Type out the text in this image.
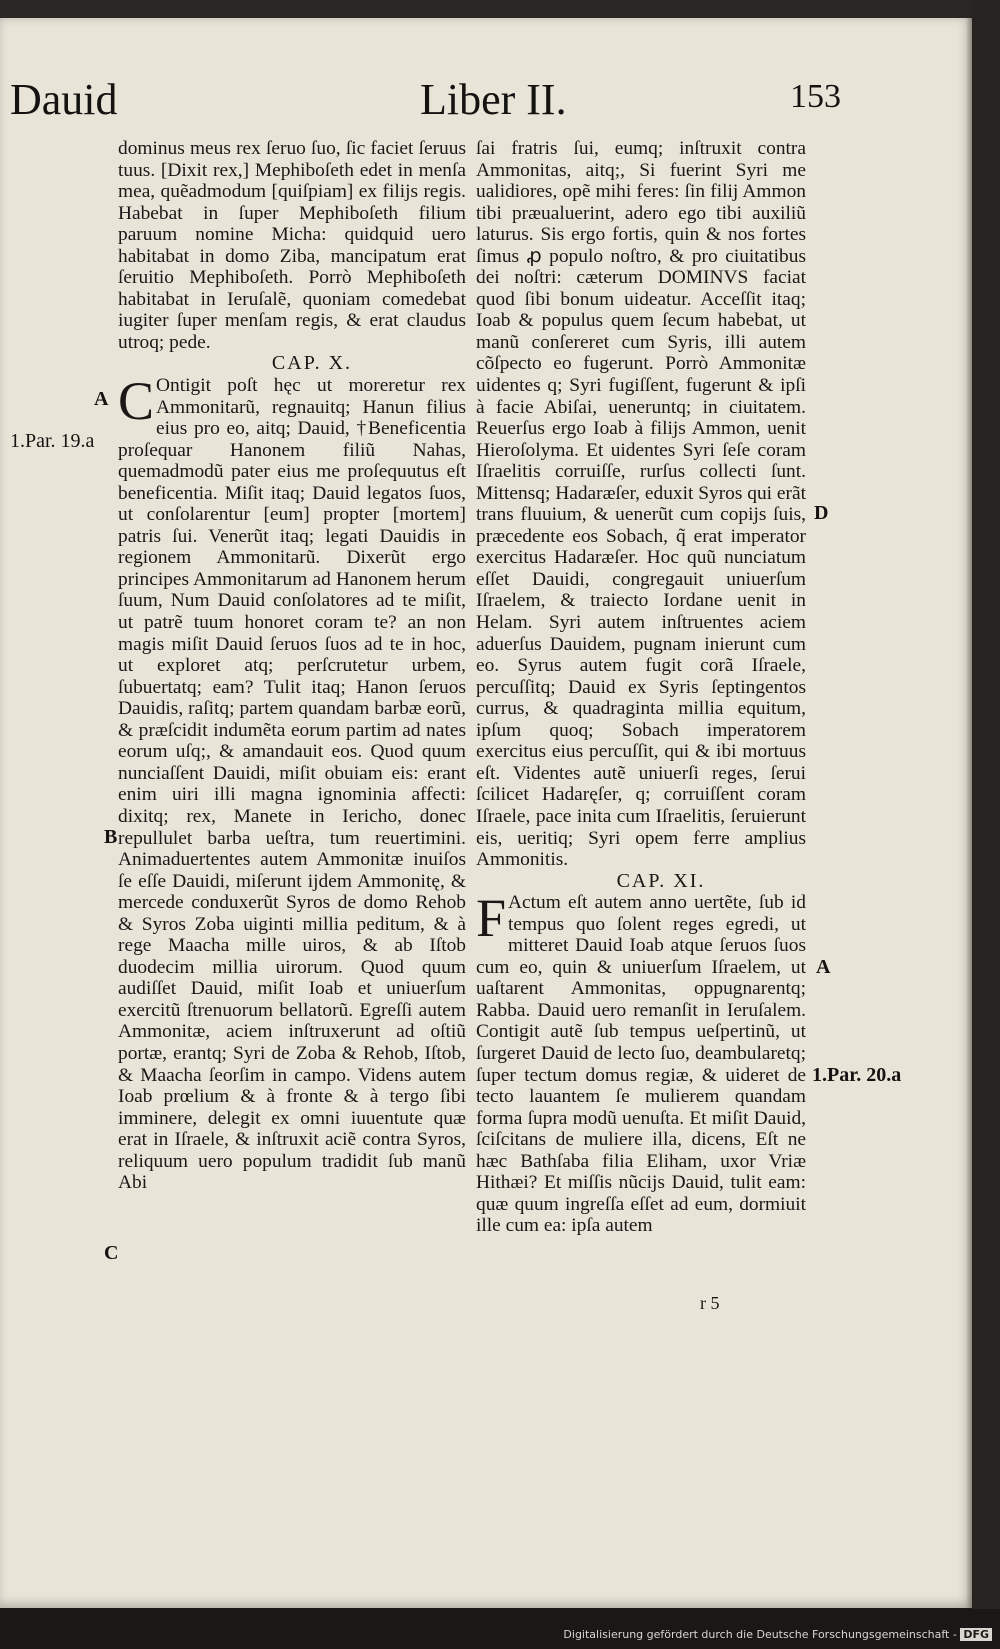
Dauid	Liber II.	153

dominus meus rex ſeruo ſuo, ſic faciet ſeruus tuus. [Dixit rex,] Mephiboſeth edet in menſa mea, quẽadmodum [quiſpiam] ex filijs regis. Habebat in ſuper Mephiboſeth filium paruum nomine Micha: quidquid uero habitabat in domo Ziba, mancipatum erat ſeruitio Mephiboſeth. Porrò Mephiboſeth habitabat in Ieruſalẽ, quoniam comedebat iugiter ſuper menſam regis, & erat claudus utroq; pede.

CAP. X.

C Ontigit poſt hęc ut moreretur rex Ammonitarũ, regnauitq; Hanun filius eius pro eo, aitq; Dauid, †Beneficentia proſequar Hanonem filiũ Nahas, quemadmodũ pater eius me proſequutus eſt beneficentia. Miſit itaq; Dauid legatos ſuos, ut conſolarentur [eum] propter [mortem] patris ſui. Venerũt itaq; legati Dauidis in regionem Ammonitarũ. Dixerũt ergo principes Ammonitarum ad Hanonem herum ſuum, Num Dauid conſolatores ad te miſit, ut patrẽ tuum honoret coram te? an non magis miſit Dauid ſeruos ſuos ad te in hoc, ut exploret atq; perſcrutetur urbem, ſubuertatq; eam? Tulit itaq; Hanon ſeruos Dauidis, raſitq; partem quandam barbæ eorũ, & præſcidit indumẽta eorum partim ad nates eorum uſq;, & amandauit eos. Quod quum nunciaſſent Dauidi, miſit obuiam eis: erant enim uiri illi magna ignominia affecti: dixitq; rex, Manete in Iericho, donec repullulet barba ueſtra, tum reuertimini. Animaduertentes autem Ammonitæ inuiſos ſe eſſe Dauidi, miſerunt ijdem Ammonitę, & mercede conduxerũt Syros de domo Rehob & Syros Zoba uiginti millia peditum, & à rege Maacha mille uiros, & ab Iſtob duodecim millia uirorum. Quod quum audiſſet Dauid, miſit Ioab et uniuerſum exercitũ ſtrenuorum bellatorũ. Egreſſi autem Ammonitæ, aciem inſtruxerunt ad oſtiũ portæ, erantq; Syri de Zoba & Rehob, Iſtob, & Maacha ſeorſim in campo. Videns autem Ioab prœlium & à fronte & à tergo ſibi imminere, delegit ex omni iuuentute quæ erat in Iſraele, & inſtruxit aciẽ contra Syros, reliquum uero populum tradidit ſub manũ Abi

ſai fratris ſui, eumq; inſtruxit contra Ammonitas, aitq;, Si fuerint Syri me ualidiores, opẽ mihi feres: ſin filij Ammon tibi præualuerint, adero ego tibi auxiliũ laturus. Sis ergo fortis, quin & nos fortes ſimus ꝓ populo noſtro, & pro ciuitatibus dei noſtri: cæterum DOMINVS faciat quod ſibi bonum uideatur. Acceſſit itaq; Ioab & populus quem ſecum habebat, ut manũ conſereret cum Syris, illi autem cõſpecto eo fugerunt. Porrò Ammonitæ uidentes q; Syri fugiſſent, fugerunt & ipſi à facie Abiſai, ueneruntq; in ciuitatem. Reuerſus ergo Ioab à filijs Ammon, uenit Hieroſolyma. Et uidentes Syri ſeſe coram Iſraelitis corruiſſe, rurſus collecti ſunt. Mittensq; Hadaræſer, eduxit Syros qui erãt trans fluuium, & uenerũt cum copijs ſuis, præcedente eos Sobach, q̃ erat imperator exercitus Hadaræſer. Hoc quũ nunciatum eſſet Dauidi, congregauit uniuerſum Iſraelem, & traiecto Iordane uenit in Helam. Syri autem inſtruentes aciem aduerſus Dauidem, pugnam inierunt cum eo. Syrus autem fugit corã Iſraele, percuſſitq; Dauid ex Syris ſeptingentos currus, & quadraginta millia equitum, ipſum quoq; Sobach imperatorem exercitus eius percuſſit, qui & ibi mortuus eſt. Videntes autẽ uniuerſi reges, ſerui ſcilicet Hadaręſer, q; corruiſſent coram Iſraele, pace inita cum Iſraelitis, ſeruierunt eis, ueritiq; Syri opem ferre amplius Ammonitis.

CAP. XI.

F Actum eſt autem anno uertẽte, ſub id tempus quo ſolent reges egredi, ut mitteret Dauid Ioab atque ſeruos ſuos cum eo, quin & uniuerſum Iſraelem, ut uaſtarent Ammonitas, oppugnarentq; Rabba. Dauid uero remanſit in Ieruſalem. Contigit autẽ ſub tempus ueſpertinũ, ut ſurgeret Dauid de lecto ſuo, deambularetq; ſuper tectum domus regiæ, & uideret de tecto lauantem ſe mulierem quandam forma ſupra modũ uenuſta. Et miſit Dauid, ſciſcitans de muliere illa, dicens, Eſt ne hæc Bathſaba filia Eliham, uxor Vriæ Hithæi? Et miſſis nũcijs Dauid, tulit eam: quæ quum ingreſſa eſſet ad eum, dormiuit ille cum ea: ipſa autem

A
1.Par. 19.a
B
C
D
A
1.Par. 20.a
r 5
Digitalisierung gefördert durch die Deutsche Forschungsgemeinschaft - DFG
